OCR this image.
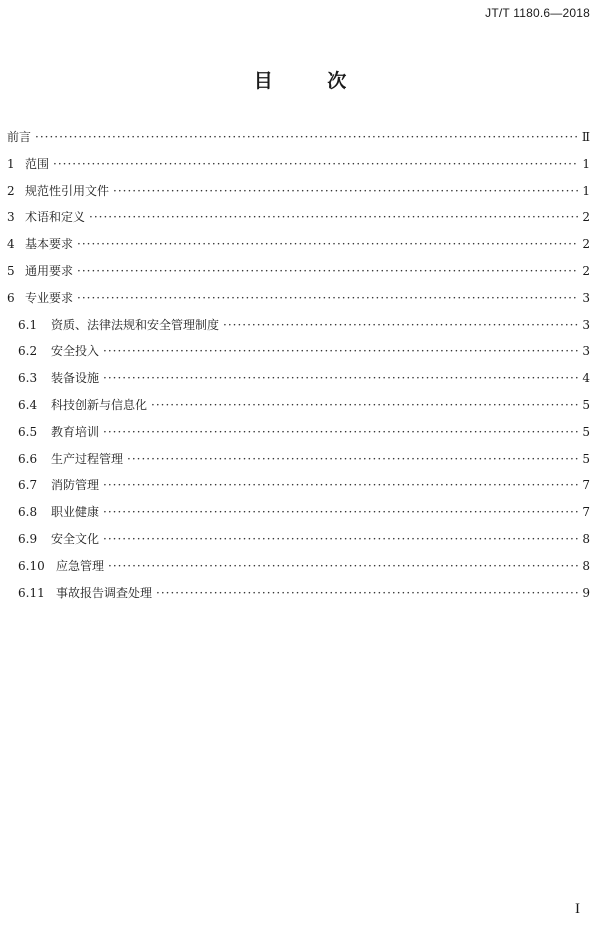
JT/T 1180.6—2018
目 次
前言 ·····	Ⅱ
1 范围 ·····	1
2 规范性引用文件 ·····	1
3 术语和定义 ·····	2
4 基本要求 ·····	2
5 通用要求 ·····	2
6 专业要求 ·····	3
6.1	资质、法律法规和安全管理制度 ·····	3
6.2	安全投入 ·····	3
6.3	装备设施 ·····	4
6.4	科技创新与信息化 ·····	5
6.5	教育培训 ·····	5
6.6	生产过程管理 ·····	5
6.7	消防管理 ·····	7
6.8	职业健康 ·····	7
6.9	安全文化 ·····	8
6.10 应急管理 ·····	8
6.11 事故报告调查处理 ·····	9
I
